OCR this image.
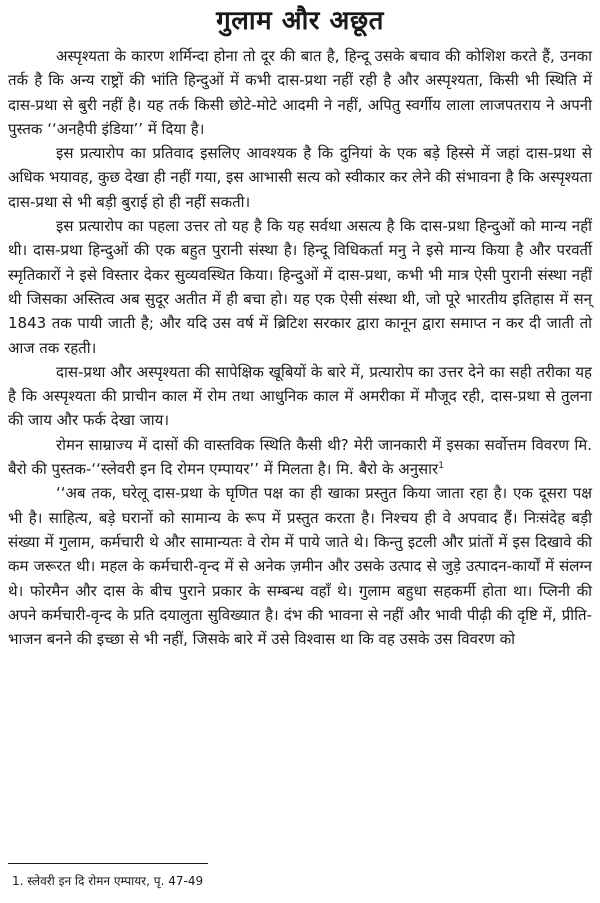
गुलाम और अछूत

अस्पृश्यता के कारण शर्मिन्दा होना तो दूर की बात है, हिन्दू उसके बचाव की कोशिश करते हैं, उनका तर्क है कि अन्य राष्ट्रों की भांति हिन्दुओं में कभी दास-प्रथा नहीं रही है और अस्पृश्यता, किसी भी स्थिति में दास-प्रथा से बुरी नहीं है। यह तर्क किसी छोटे-मोटे आदमी ने नहीं, अपितु स्वर्गीय लाला लाजपतराय ने अपनी पुस्तक ‘‘अनहैपी इंडिया’’ में दिया है।

इस प्रत्यारोप का प्रतिवाद इसलिए आवश्यक है कि दुनियां के एक बड़े हिस्से में जहां दास-प्रथा से अधिक भयावह, कुछ देखा ही नहीं गया, इस आभासी सत्य को स्वीकार कर लेने की संभावना है कि अस्पृश्यता दास-प्रथा से भी बड़ी बुराई हो ही नहीं सकती।

इस प्रत्यारोप का पहला उत्तर तो यह है कि यह सर्वथा असत्य है कि दास-प्रथा हिन्दुओं को मान्य नहीं थी। दास-प्रथा हिन्दुओं की एक बहुत पुरानी संस्था है। हिन्दू विधिकर्ता मनु ने इसे मान्य किया है और परवर्ती स्मृतिकारों ने इसे विस्तार देकर सुव्यवस्थित किया। हिन्दुओं में दास-प्रथा, कभी भी मात्र ऐसी पुरानी संस्था नहीं थी जिसका अस्तित्व अब सुदूर अतीत में ही बचा हो। यह एक ऐसी संस्था थी, जो पूरे भारतीय इतिहास में सन् 1843 तक पायी जाती है; और यदि उस वर्ष में ब्रिटिश सरकार द्वारा कानून द्वारा समाप्त न कर दी जाती तो आज तक रहती।

दास-प्रथा और अस्पृश्यता की सापेक्षिक खूबियों के बारे में, प्रत्यारोप का उत्तर देने का सही तरीका यह है कि अस्पृश्यता की प्राचीन काल में रोम तथा आधुनिक काल में अमरीका में मौजूद रही, दास-प्रथा से तुलना की जाय और फर्क देखा जाय।

रोमन साम्राज्य में दासों की वास्तविक स्थिति कैसी थी? मेरी जानकारी में इसका सर्वोत्तम विवरण मि. बैरो की पुस्तक-‘‘स्लेवरी इन दि रोमन एम्पायर’’ में मिलता है। मि. बैरो के अनुसार$^1$

‘‘अब तक, घरेलू दास-प्रथा के घृणित पक्ष का ही खाका प्रस्तुत किया जाता रहा है। एक दूसरा पक्ष भी है। साहित्य, बड़े घरानों को सामान्य के रूप में प्रस्तुत करता है। निश्चय ही वे अपवाद हैं। निःसंदेह बड़ी संख्या में गुलाम, कर्मचारी थे और सामान्यतः वे रोम में पाये जाते थे। किन्तु इटली और प्रांतों में इस दिखावे की कम जरूरत थी। महल के कर्मचारी-वृन्द में से अनेक ज़मीन और उसके उत्पाद से जुड़े उत्पादन-कार्यों में संलग्न थे। फोरमैन और दास के बीच पुराने प्रकार के सम्बन्ध वहाँ थे। गुलाम बहुधा सहकर्मी होता था। प्लिनी की अपने कर्मचारी-वृन्द के प्रति दयालुता सुविख्यात है। दंभ की भावना से नहीं और भावी पीढ़ी की दृष्टि में, प्रीति-भाजन बनने की इच्छा से भी नहीं, जिसके बारे में उसे विश्वास था कि वह उसके उस विवरण को

1. स्लेवरी इन दि रोमन एम्पायर, पृ. 47-49
